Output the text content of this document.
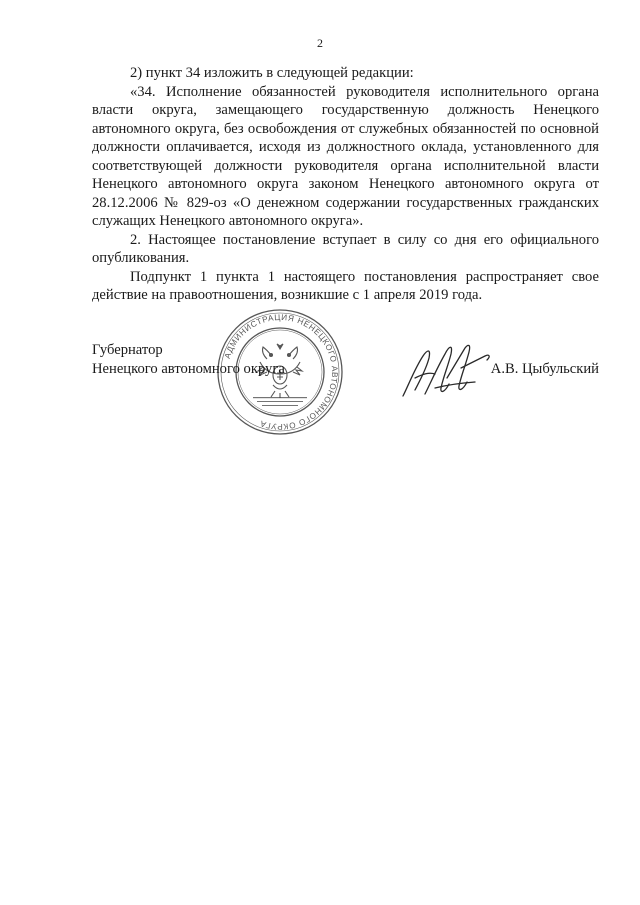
2

2) пункт 34 изложить в следующей редакции:

«34. Исполнение обязанностей руководителя исполнительного органа власти округа, замещающего государственную должность Ненецкого автономного округа, без освобождения от служебных обязанностей по основной должности оплачивается, исходя из должностного оклада, установленного для соответствующей должности руководителя органа исполнительной власти Ненецкого автономного округа законом Ненецкого автономного округа от 28.12.2006 № 829-оз «О денежном содержании государственных гражданских служащих Ненецкого автономного округа».

2. Настоящее постановление вступает в силу со дня его официального опубликования.

Подпункт 1 пункта 1 настоящего постановления распространяет свое действие на правоотношения, возникшие с 1 апреля 2019 года.

АДМИНИСТРАЦИЯ НЕНЕЦКОГО АВТОНОМНОГО ОКРУГА
Губернатор
Ненецкого автономного округа	А.В. Цыбульский
